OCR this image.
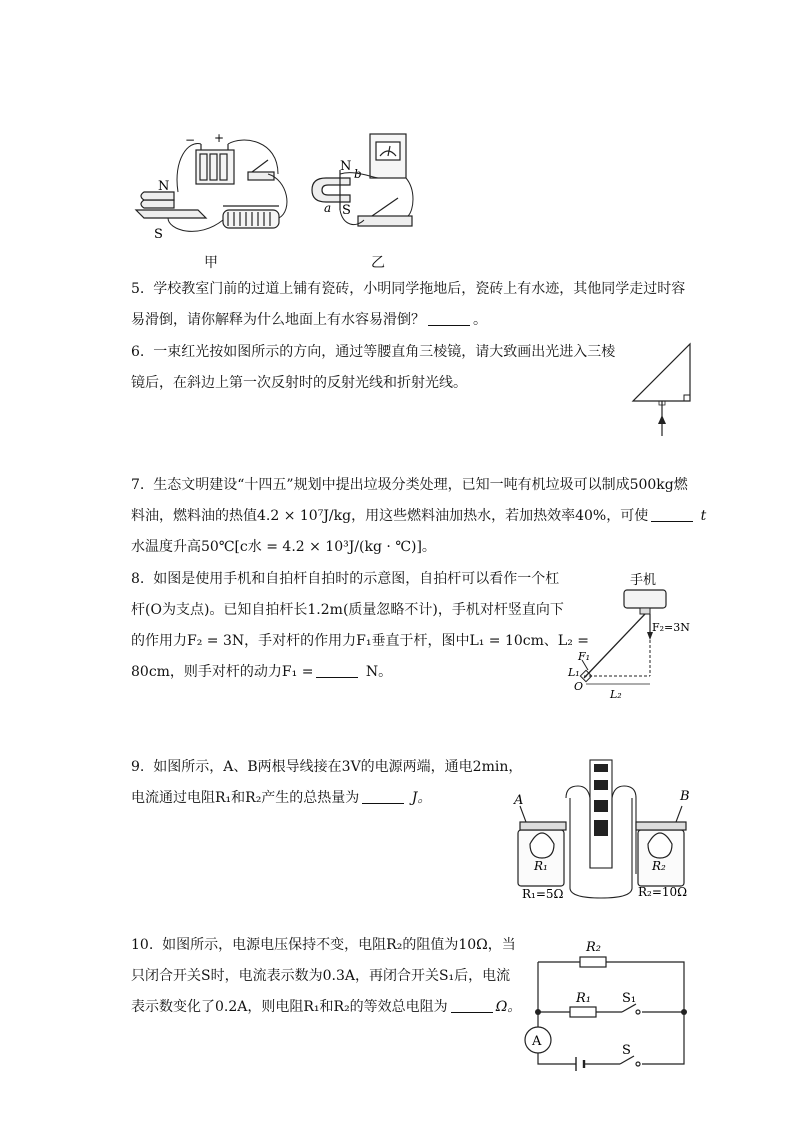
− +
N
S
N b
a S
甲	乙

5.  学校教室门前的过道上铺有瓷砖，小明同学拖地后，瓷砖上有水迹，其他同学走过时容

易滑倒，请你解释为什么地面上有水容易滑倒？	。

6.  一束红光按如图所示的方向，通过等腰直角三棱镜，请大致画出光进入三棱

镜后，在斜边上第一次反射时的反射光线和折射光线。

7.  生态文明建设“十四五”规划中提出垃圾分类处理，已知一吨有机垃圾可以制成500kg燃

料油，燃料油的热值4.2 × 10⁷J/kg，用这些燃料油加热水，若加热效率40%，可使	t

水温度升高50℃[c水 = 4.2 × 10³J/(kg · ℃)]。

8.  如图是使用手机和自拍杆自拍时的示意图，自拍杆可以看作一个杠

杆(O为支点)。已知自拍杆长1.2m(质量忽略不计)，手机对杆竖直向下

的作用力F₂ = 3N，手对杆的作用力F₁垂直于杆，图中L₁ = 10cm、L₂ =

80cm，则手对杆的动力F₁ =	N。

手机
F₂=3N
F₁
L₁
O
L₂

9.  如图所示，A、B两根导线接在3V的电源两端，通电2min，

电流通过电阻R₁和R₂产生的总热量为	J。	A	B
R₁	R₂
R₁=5Ω	R₂=10Ω

10.  如图所示，电源电压保持不变，电阻R₂的阻值为10Ω，当

只闭合开关S时，电流表示数为0.3A，再闭合开关S₁后，电流

表示数变化了0.2A，则电阻R₁和R₂的等效总电阻为	Ω。

R₂
R₁ S₁
A
S
